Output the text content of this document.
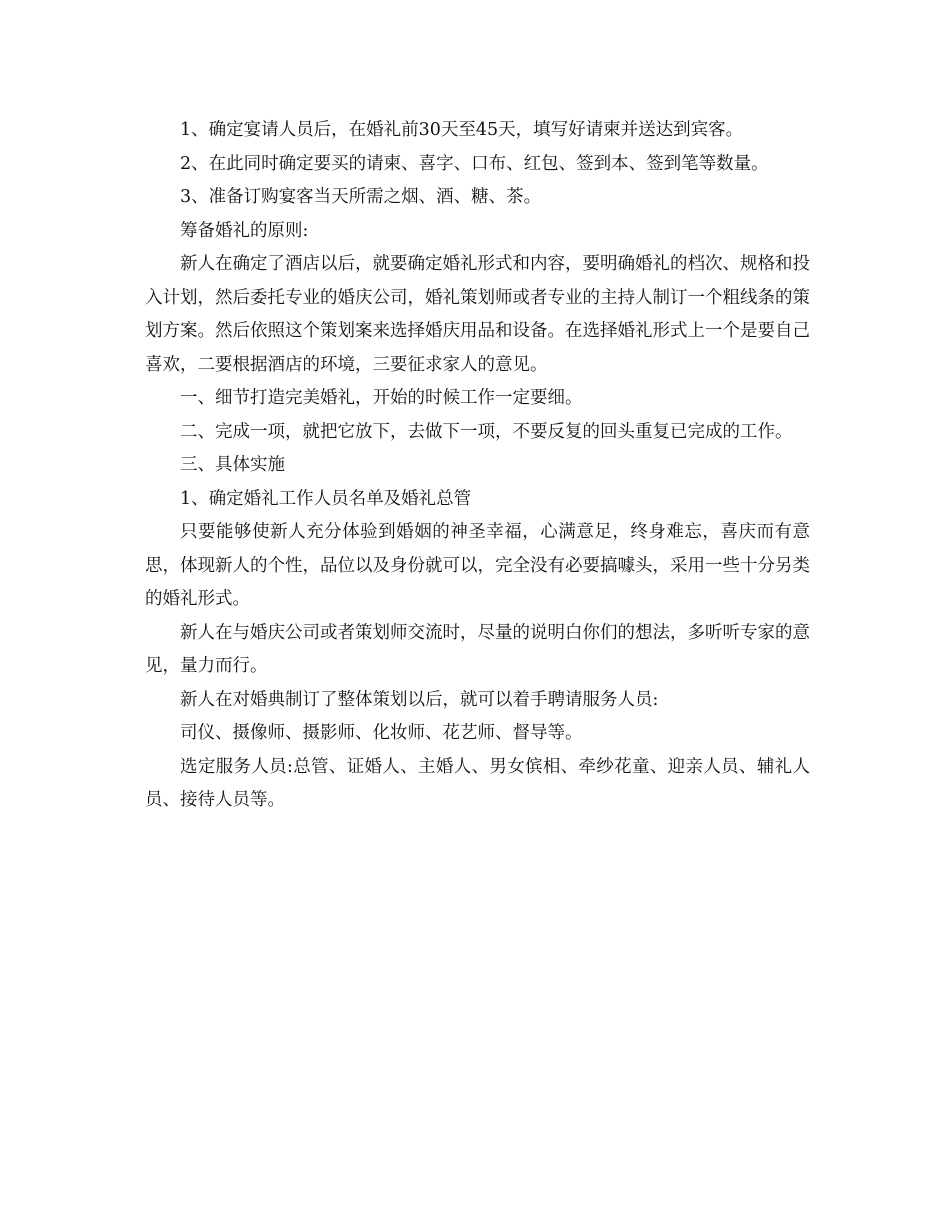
1、确定宴请人员后，在婚礼前30天至45天，填写好请柬并送达到宾客。

2、在此同时确定要买的请柬、喜字、口布、红包、签到本、签到笔等数量。

3、准备订购宴客当天所需之烟、酒、糖、茶。

筹备婚礼的原则:

新人在确定了酒店以后，就要确定婚礼形式和内容，要明确婚礼的档次、规格和投入计划，然后委托专业的婚庆公司，婚礼策划师或者专业的主持人制订一个粗线条的策划方案。然后依照这个策划案来选择婚庆用品和设备。在选择婚礼形式上一个是要自己喜欢，二要根据酒店的环境，三要征求家人的意见。

一、细节打造完美婚礼，开始的时候工作一定要细。

二、完成一项，就把它放下，去做下一项，不要反复的回头重复已完成的工作。

三、具体实施

1、确定婚礼工作人员名单及婚礼总管

只要能够使新人充分体验到婚姻的神圣幸福，心满意足，终身难忘，喜庆而有意思，体现新人的个性，品位以及身份就可以，完全没有必要搞噱头，采用一些十分另类的婚礼形式。

新人在与婚庆公司或者策划师交流时，尽量的说明白你们的想法，多听听专家的意见，量力而行。

新人在对婚典制订了整体策划以后，就可以着手聘请服务人员:

司仪、摄像师、摄影师、化妆师、花艺师、督导等。

选定服务人员:总管、证婚人、主婚人、男女傧相、牵纱花童、迎亲人员、辅礼人员、接待人员等。
